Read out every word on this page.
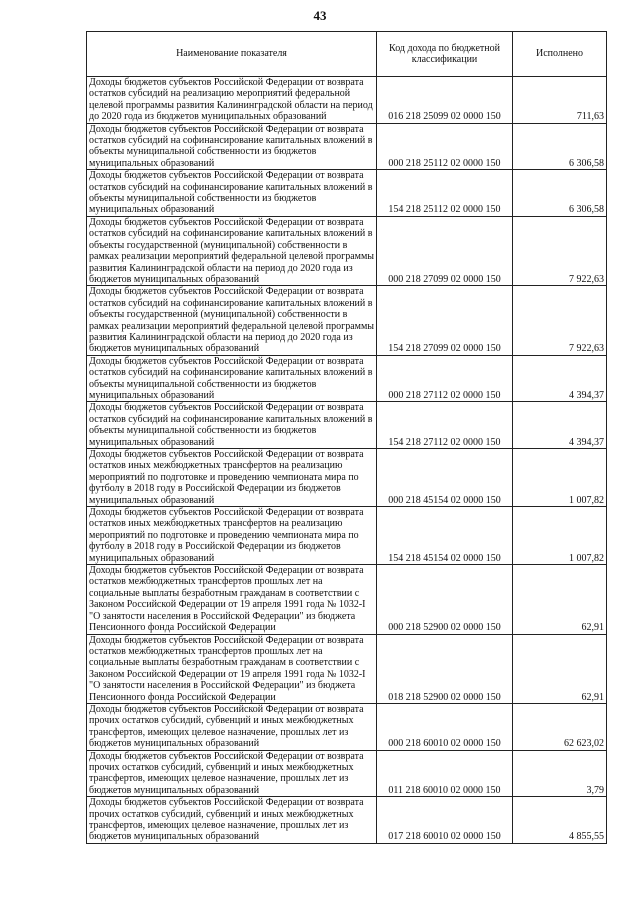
43
Наименование показателя	Код дохода по бюджетной классификации	Исполнено
Доходы бюджетов субъектов Российской Федерации от возврата остатков субсидий на реализацию мероприятий федеральной целевой программы развития Калининградской области на период до 2020 года из бюджетов муниципальных образований	016 218 25099 02 0000 150	711,63
Доходы бюджетов субъектов Российской Федерации от возврата остатков субсидий на софинансирование капитальных вложений в объекты муниципальной собственности из бюджетов муниципальных образований	000 218 25112 02 0000 150	6 306,58
Доходы бюджетов субъектов Российской Федерации от возврата остатков субсидий на софинансирование капитальных вложений в объекты муниципальной собственности из бюджетов муниципальных образований	154 218 25112 02 0000 150	6 306,58
Доходы бюджетов субъектов Российской Федерации от возврата остатков субсидий на софинансирование капитальных вложений в объекты государственной (муниципальной) собственности в рамках реализации мероприятий федеральной целевой программы развития Калининградской области на период до 2020 года из бюджетов муниципальных образований	000 218 27099 02 0000 150	7 922,63
Доходы бюджетов субъектов Российской Федерации от возврата остатков субсидий на софинансирование капитальных вложений в объекты государственной (муниципальной) собственности в рамках реализации мероприятий федеральной целевой программы развития Калининградской области на период до 2020 года из бюджетов муниципальных образований	154 218 27099 02 0000 150	7 922,63
Доходы бюджетов субъектов Российской Федерации от возврата остатков субсидий на софинансирование капитальных вложений в объекты муниципальной собственности из бюджетов муниципальных образований	000 218 27112 02 0000 150	4 394,37
Доходы бюджетов субъектов Российской Федерации от возврата остатков субсидий на софинансирование капитальных вложений в объекты муниципальной собственности из бюджетов муниципальных образований	154 218 27112 02 0000 150	4 394,37
Доходы бюджетов субъектов Российской Федерации от возврата остатков иных межбюджетных трансфертов на реализацию мероприятий по подготовке и проведению чемпионата мира по футболу в 2018 году в Российской Федерации из бюджетов муниципальных образований	000 218 45154 02 0000 150	1 007,82
Доходы бюджетов субъектов Российской Федерации от возврата остатков иных межбюджетных трансфертов на реализацию мероприятий по подготовке и проведению чемпионата мира по футболу в 2018 году в Российской Федерации из бюджетов муниципальных образований	154 218 45154 02 0000 150	1 007,82
Доходы бюджетов субъектов Российской Федерации от возврата остатков межбюджетных трансфертов прошлых лет на социальные выплаты безработным гражданам в соответствии с Законом Российской Федерации от 19 апреля 1991 года № 1032-I "О занятости населения в Российской Федерации" из бюджета Пенсионного фонда Российской Федерации	000 218 52900 02 0000 150	62,91
Доходы бюджетов субъектов Российской Федерации от возврата остатков межбюджетных трансфертов прошлых лет на социальные выплаты безработным гражданам в соответствии с Законом Российской Федерации от 19 апреля 1991 года № 1032-I "О занятости населения в Российской Федерации" из бюджета Пенсионного фонда Российской Федерации	018 218 52900 02 0000 150	62,91
Доходы бюджетов субъектов Российской Федерации от возврата прочих остатков субсидий, субвенций и иных межбюджетных трансфертов, имеющих целевое назначение, прошлых лет из бюджетов муниципальных образований	000 218 60010 02 0000 150	62 623,02
Доходы бюджетов субъектов Российской Федерации от возврата прочих остатков субсидий, субвенций и иных межбюджетных трансфертов, имеющих целевое назначение, прошлых лет из бюджетов муниципальных образований	011 218 60010 02 0000 150	3,79
Доходы бюджетов субъектов Российской Федерации от возврата прочих остатков субсидий, субвенций и иных межбюджетных трансфертов, имеющих целевое назначение, прошлых лет из бюджетов муниципальных образований	017 218 60010 02 0000 150	4 855,55
